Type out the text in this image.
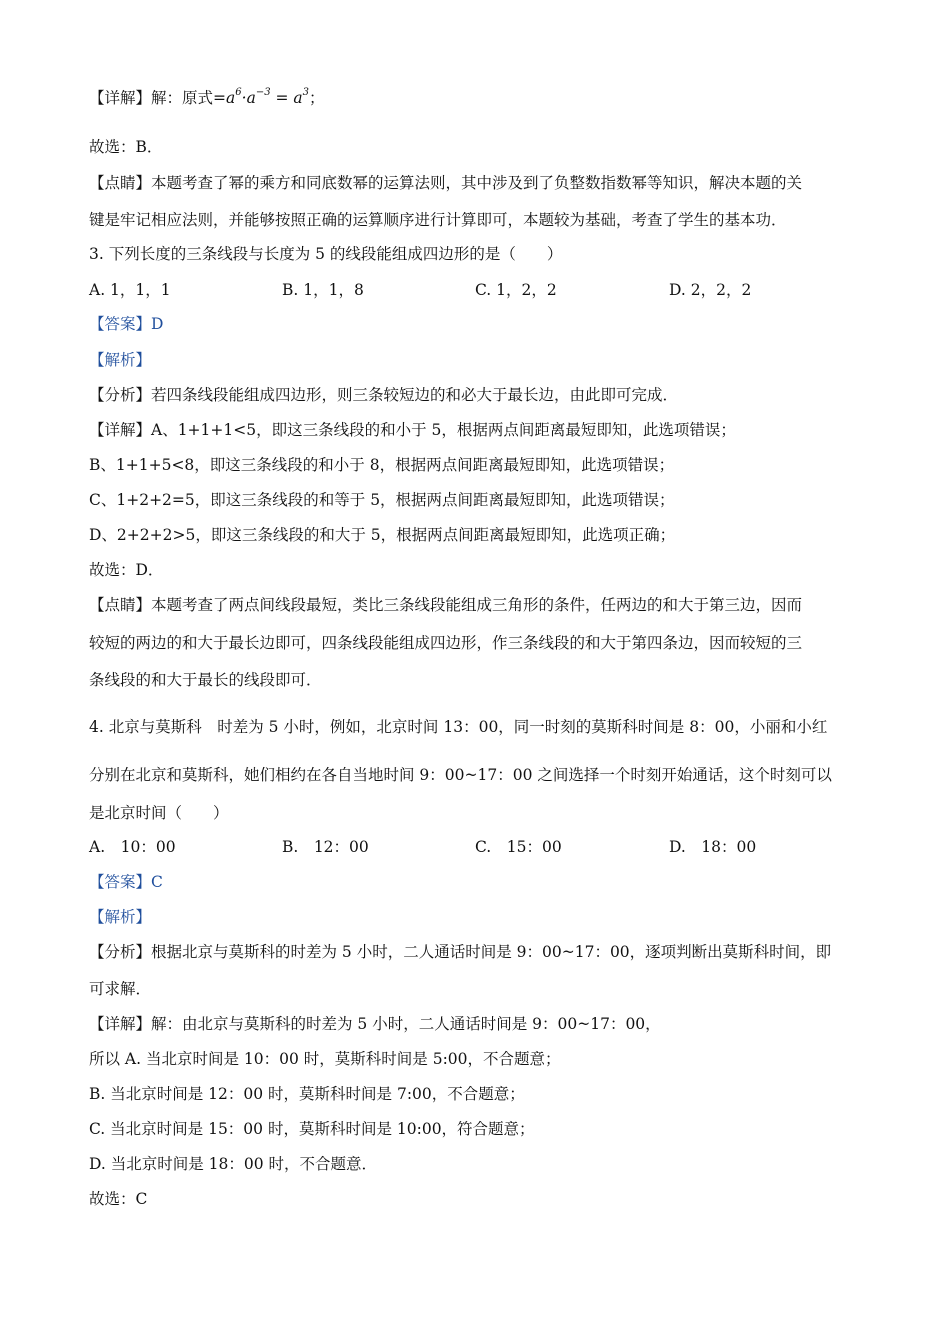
【详解】解：原式$=a^6\cdot a^{-3} = a^3$；
故选：B．
【点睛】本题考查了幂的乘方和同底数幂的运算法则，其中涉及到了负整数指数幂等知识，解决本题的关
键是牢记相应法则，并能够按照正确的运算顺序进行计算即可，本题较为基础，考查了学生的基本功．
3. 下列长度的三条线段与长度为 5 的线段能组成四边形的是（　　）
A. 1，1，1	B. 1，1，8	C. 1，2，2	D. 2，2，2
【答案】D
【解析】
【分析】若四条线段能组成四边形，则三条较短边的和必大于最长边，由此即可完成．
【详解】A、1+1+1<5，即这三条线段的和小于 5，根据两点间距离最短即知，此选项错误；
B、1+1+5<8，即这三条线段的和小于 8，根据两点间距离最短即知，此选项错误；
C、1+2+2=5，即这三条线段的和等于 5，根据两点间距离最短即知，此选项错误；
D、2+2+2>5，即这三条线段的和大于 5，根据两点间距离最短即知，此选项正确；
故选：D．
【点睛】本题考查了两点间线段最短，类比三条线段能组成三角形的条件，任两边的和大于第三边，因而
较短的两边的和大于最长边即可，四条线段能组成四边形，作三条线段的和大于第四条边，因而较短的三
条线段的和大于最长的线段即可．
4. 北京与莫斯科　时差为 5 小时，例如，北京时间 13：00，同一时刻的莫斯科时间是 8：00，小丽和小红
分别在北京和莫斯科，她们相约在各自当地时间 9：00~17：00 之间选择一个时刻开始通话，这个时刻可以
是北京时间（　　）
A.　10：00	B.　12：00	C.　15：00	D.　18：00
【答案】C
【解析】
【分析】根据北京与莫斯科的时差为 5 小时，二人通话时间是 9：00~17：00，逐项判断出莫斯科时间，即
可求解．
【详解】解：由北京与莫斯科的时差为 5 小时，二人通话时间是 9：00~17：00，
所以 A. 当北京时间是 10：00 时，莫斯科时间是 5:00，不合题意；
B. 当北京时间是 12：00 时，莫斯科时间是 7:00，不合题意；
C. 当北京时间是 15：00 时，莫斯科时间是 10:00，符合题意；
D. 当北京时间是 18：00 时，不合题意．
故选：C
